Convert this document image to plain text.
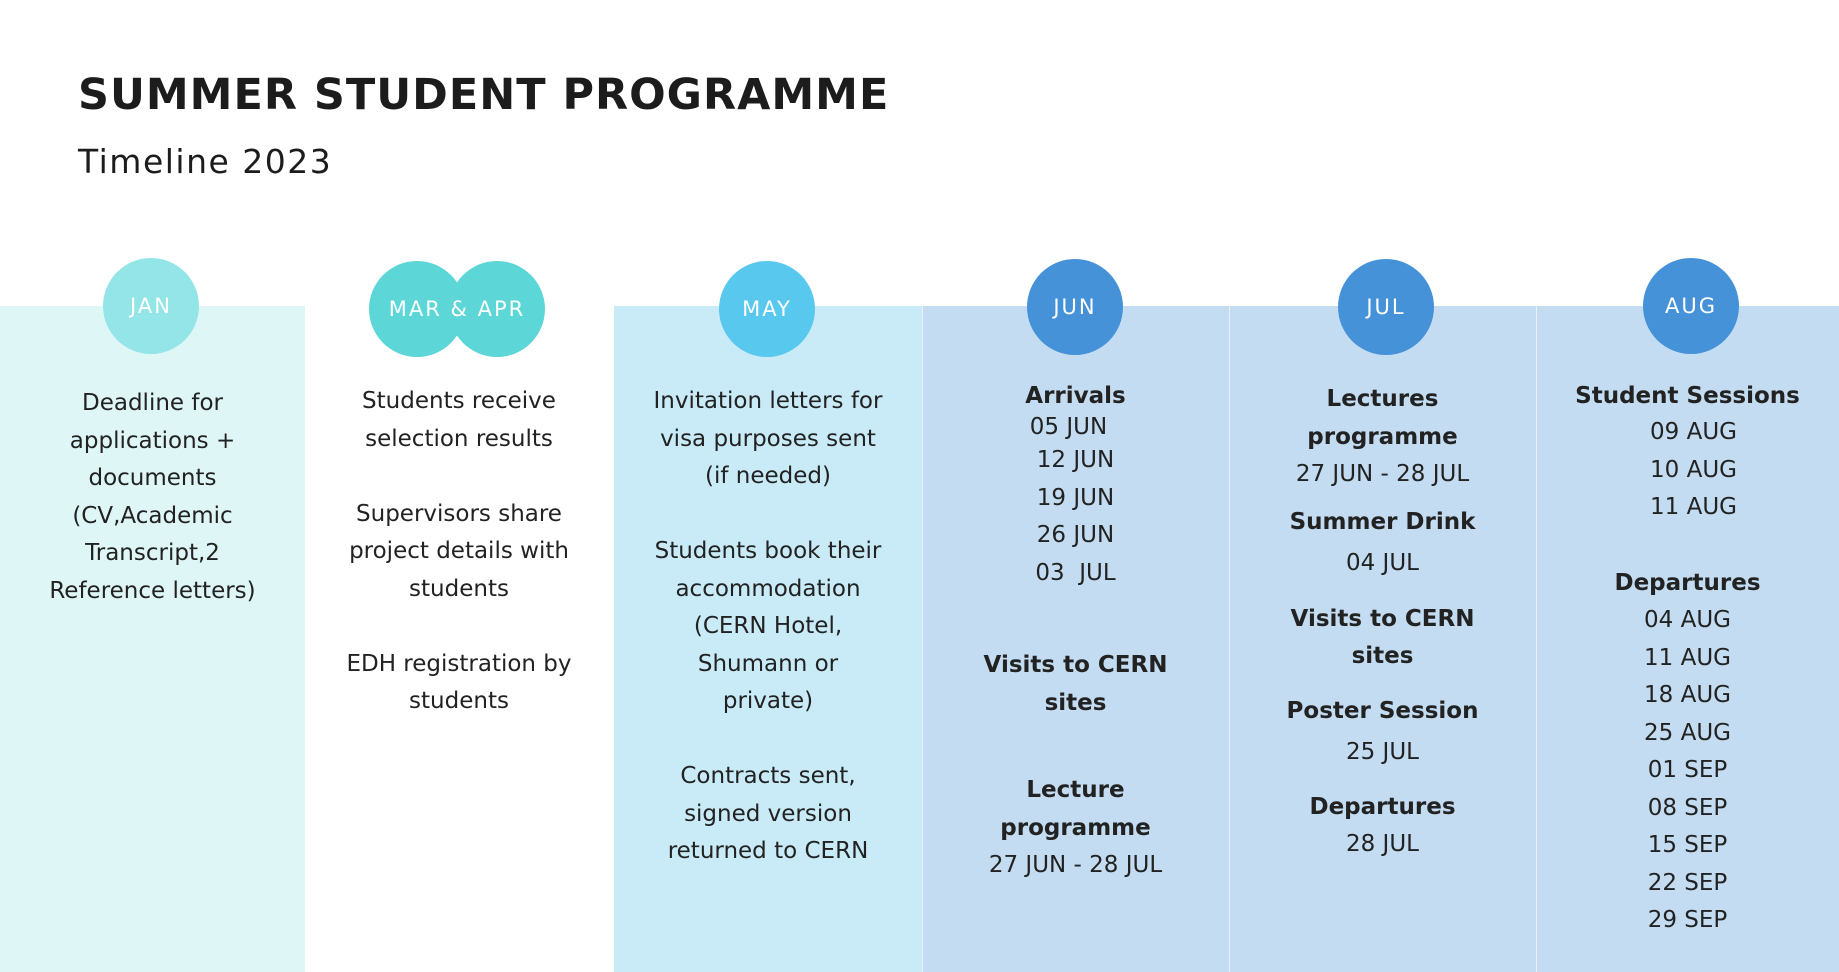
SUMMER STUDENT PROGRAMME
Timeline 2023
JAN
Deadline for
applications +
documents
(CV,Academic
Transcript,2
Reference letters)
MAR & APR
Students receive
selection results
Supervisors share
project details with
students
EDH registration by
students
MAY
Invitation letters for
visa purposes sent
(if needed)
Students book their
accommodation
(CERN Hotel,
Shumann or
private)
Contracts sent,
signed version
returned to CERN
JUN
Arrivals
05 JUN
12 JUN
19 JUN
26 JUN
03  JUL
Visits to CERN
sites
Lecture
programme
27 JUN - 28 JUL
JUL
Lectures
programme
27 JUN - 28 JUL
Summer Drink
04 JUL
Visits to CERN
sites
Poster Session
25 JUL
Departures
28 JUL
AUG
Student Sessions
09 AUG
10 AUG
11 AUG
Departures
04 AUG
11 AUG
18 AUG
25 AUG
01 SEP
08 SEP
15 SEP
22 SEP
29 SEP
